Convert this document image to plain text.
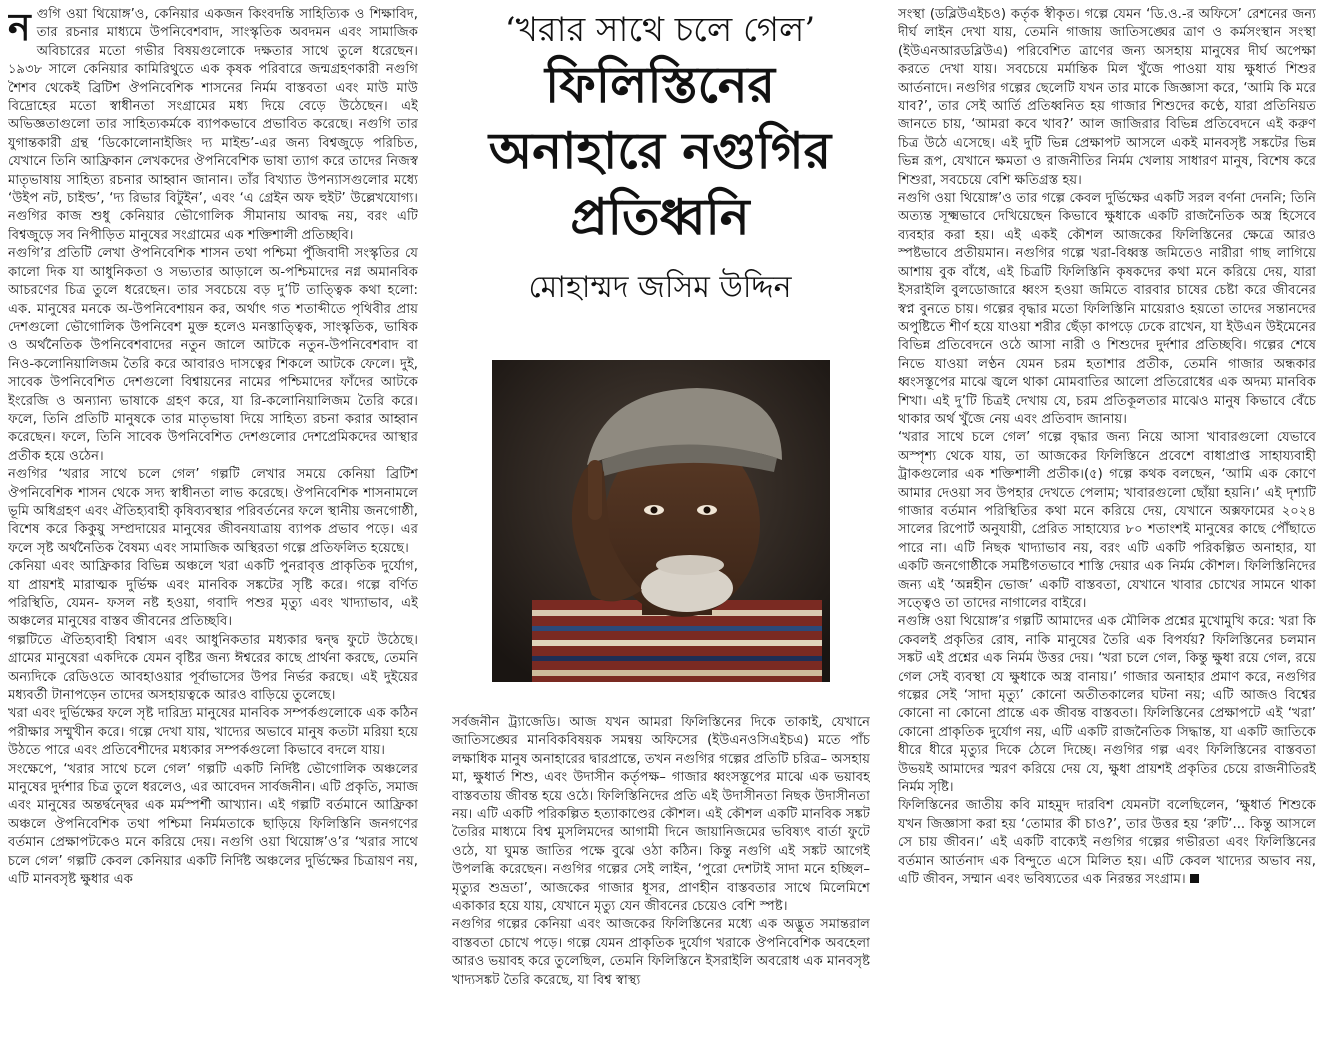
নগুগি ওয়া থিয়োঙ্গ’ও, কেনিয়ার একজন কিংবদন্তি সাহিত্যিক ও শিক্ষাবিদ, তার রচনার মাধ্যমে উপনিবেশবাদ, সাংস্কৃতিক অবদমন এবং সামাজিক অবিচারের মতো গভীর বিষয়গুলোকে দক্ষতার সাথে তুলে ধরেছেন। ১৯৩৮ সালে কেনিয়ার কামিরিথুতে এক কৃষক পরিবারে জন্মগ্রহণকারী নগুগি শৈশব থেকেই ব্রিটিশ ঔপনিবেশিক শাসনের নির্মম বাস্তবতা এবং মাউ মাউ বিদ্রোহের মতো স্বাধীনতা সংগ্রামের মধ্য দিয়ে বেড়ে উঠেছেন। এই অভিজ্ঞতাগুলো তার সাহিত্যকর্মকে ব্যাপকভাবে প্রভাবিত করেছে। নগুগি তার যুগান্তকারী গ্রন্থ ‘ডিকোলোনাইজিং দ্য মাইন্ড’-এর জন্য বিশ্বজুড়ে পরিচিত, যেখানে তিনি আফ্রিকান লেখকদের ঔপনিবেশিক ভাষা ত্যাগ করে তাদের নিজস্ব মাতৃভাষায় সাহিত্য রচনার আহ্বান জানান। তাঁর বিখ্যাত উপন্যাসগুলোর মধ্যে ‘উইপ নট, চাইল্ড’, ‘দ্য রিভার বিটুইন’, এবং ‘এ গ্রেইন অফ হুইট’ উল্লেখযোগ্য। নগুগির কাজ শুধু কেনিয়ার ভৌগোলিক সীমানায় আবদ্ধ নয়, বরং এটি বিশ্বজুড়ে সব নিপীড়িত মানুষের সংগ্রামের এক শক্তিশালী প্রতিচ্ছবি।

নগুগি’র প্রতিটি লেখা ঔপনিবেশিক শাসন তথা পশ্চিমা পুঁজিবাদী সংস্কৃতির যে কালো দিক যা আধুনিকতা ও সভ্যতার আড়ালে অ-পশ্চিমাদের নগ্ন অমানবিক আচরণের চিত্র তুলে ধরেছেন। তার সবচেয়ে বড় দু’টি তাত্ত্বিক কথা হলো: এক. মানুষের মনকে অ-উপনিবেশায়ন কর, অর্থাৎ গত শতাব্দীতে পৃথিবীর প্রায় দেশগুলো ভৌগোলিক উপনিবেশ মুক্ত হলেও মনস্তাত্ত্বিক, সাংস্কৃতিক, ভাষিক ও অর্থনৈতিক উপনিবেশবাদের নতুন জালে আটকে নতুন-উপনিবেশবাদ বা নিও-কলোনিয়ালিজম তৈরি করে আবারও দাসত্বের শিকলে আটকে ফেলে। দুই, সাবেক উপনিবেশিত দেশগুলো বিশ্বায়নের নামের পশ্চিমাদের ফাঁদের আটকে ইংরেজি ও অন্যান্য ভাষাকে গ্রহণ করে, যা রি-কলোনিয়ালিজম তৈরি করে। ফলে, তিনি প্রতিটি মানুষকে তার মাতৃভাষা দিয়ে সাহিত্য রচনা করার আহ্বান করেছেন। ফলে, তিনি সাবেক উপনিবেশিত দেশগুলোর দেশপ্রেমিকদের আস্থার প্রতীক হয়ে ওঠেন।

নগুগির ‘খরার সাথে চলে গেল’ গল্পটি লেখার সময়ে কেনিয়া ব্রিটিশ ঔপনিবেশিক শাসন থেকে সদ্য স্বাধীনতা লাভ করেছে। ঔপনিবেশিক শাসনামলে ভূমি অধিগ্রহণ এবং ঐতিহ্যবাহী কৃষিব্যবস্থার পরিবর্তনের ফলে স্থানীয় জনগোষ্ঠী, বিশেষ করে কিকুয়ু সম্প্রদায়ের মানুষের জীবনযাত্রায় ব্যাপক প্রভাব পড়ে। এর ফলে সৃষ্ট অর্থনৈতিক বৈষম্য এবং সামাজিক অস্থিরতা গল্পে প্রতিফলিত হয়েছে।

কেনিয়া এবং আফ্রিকার বিভিন্ন অঞ্চলে খরা একটি পুনরাবৃত্ত প্রাকৃতিক দুর্যোগ, যা প্রায়শই মারাত্মক দুর্ভিক্ষ এবং মানবিক সঙ্কটের সৃষ্টি করে। গল্পে বর্ণিত পরিস্থিতি, যেমন- ফসল নষ্ট হওয়া, গবাদি পশুর মৃত্যু এবং খাদ্যাভাব, এই অঞ্চলের মানুষের বাস্তব জীবনের প্রতিচ্ছবি।

গল্পটিতে ঐতিহ্যবাহী বিশ্বাস এবং আধুনিকতার মধ্যকার দ্বন্দ্ব ফুটে উঠেছে। গ্রামের মানুষেরা একদিকে যেমন বৃষ্টির জন্য ঈশ্বরের কাছে প্রার্থনা করছে, তেমনি অন্যদিকে রেডিওতে আবহাওয়ার পূর্বাভাসের উপর নির্ভর করছে। এই দুইয়ের মধ্যবর্তী টানাপড়েন তাদের অসহায়ত্বকে আরও বাড়িয়ে তুলেছে।

খরা এবং দুর্ভিক্ষের ফলে সৃষ্ট দারিদ্র্য মানুষের মানবিক সম্পর্কগুলোকে এক কঠিন পরীক্ষার সম্মুখীন করে। গল্পে দেখা যায়, খাদ্যের অভাবে মানুষ কতটা মরিয়া হয়ে উঠতে পারে এবং প্রতিবেশীদের মধ্যকার সম্পর্কগুলো কিভাবে বদলে যায়।

সংক্ষেপে, ‘খরার সাথে চলে গেল’ গল্পটি একটি নির্দিষ্ট ভৌগোলিক অঞ্চলের মানুষের দুর্দশার চিত্র তুলে ধরলেও, এর আবেদন সার্বজনীন। এটি প্রকৃতি, সমাজ এবং মানুষের অন্তর্দ্বন্দ্বের এক মর্মস্পর্শী আখ্যান। এই গল্পটি বর্তমানে আফ্রিকা অঞ্চলে ঔপনিবেশিক তথা পশ্চিমা নির্মমতাকে ছাড়িয়ে ফিলিস্তিনি জনগণের বর্তমান প্রেক্ষাপটকেও মনে করিয়ে দেয়। নগুগি ওয়া থিয়োঙ্গ’ও’র ‘খরার সাথে চলে গেল’ গল্পটি কেবল কেনিয়ার একটি নির্দিষ্ট অঞ্চলের দুর্ভিক্ষের চিত্রায়ণ নয়, এটি মানবসৃষ্ট ক্ষুধার এক

‘খরার সাথে চলে গেল’
ফিলিস্তিনের
অনাহারে নগুগির
প্রতিধ্বনি
মোহাম্মদ জসিম উদ্দিন

সর্বজনীন ট্র্যাজেডি। আজ যখন আমরা ফিলিস্তিনের দিকে তাকাই, যেখানে জাতিসঙ্ঘের মানবিকবিষয়ক সমন্বয় অফিসের (ইউএনওসিএইচএ) মতে পাঁচ লক্ষাধিক মানুষ অনাহারের দ্বারপ্রান্তে, তখন নগুগির গল্পের প্রতিটি চরিত্র– অসহায় মা, ক্ষুধার্ত শিশু, এবং উদাসীন কর্তৃপক্ষ– গাজার ধ্বংসস্তূপের মাঝে এক ভয়াবহ বাস্তবতায় জীবন্ত হয়ে ওঠে। ফিলিস্তিনিদের প্রতি এই উদাসীনতা নিছক উদাসীনতা নয়। এটি একটি পরিকল্পিত হত্যাকাণ্ডের কৌশল। এই কৌশল একটি মানবিক সঙ্কট তৈরির মাধ্যমে বিশ্ব মুসলিমদের আগামী দিনে জায়ানিজমের ভবিষ্যৎ বার্তা ফুটে ওঠে, যা ঘুমন্ত জাতির পক্ষে বুঝে ওঠা কঠিন। কিন্তু নগুগি এই সঙ্কট আগেই উপলব্ধি করেছেন। নগুগির গল্পের সেই লাইন, ‘পুরো দেশটাই সাদা মনে হচ্ছিল– মৃত্যুর শুভ্রতা’, আজকের গাজার ধূসর, প্রাণহীন বাস্তবতার সাথে মিলেমিশে একাকার হয়ে যায়, যেখানে মৃত্যু যেন জীবনের চেয়েও বেশি স্পষ্ট।

নগুগির গল্পের কেনিয়া এবং আজকের ফিলিস্তিনের মধ্যে এক অদ্ভুত সমান্তরাল বাস্তবতা চোখে পড়ে। গল্পে যেমন প্রাকৃতিক দুর্যোগ খরাকে ঔপনিবেশিক অবহেলা আরও ভয়াবহ করে তুলেছিল, তেমনি ফিলিস্তিনে ইসরাইলি অবরোধ এক মানবসৃষ্ট খাদ্যসঙ্কট তৈরি করেছে, যা বিশ্ব স্বাস্থ্য

সংস্থা (ডব্লিউএইচও) কর্তৃক স্বীকৃত। গল্পে যেমন ‘ডি.ও.-র অফিসে’ রেশনের জন্য দীর্ঘ লাইন দেখা যায়, তেমনি গাজায় জাতিসঙ্ঘের ত্রাণ ও কর্মসংস্থান সংস্থা (ইউএনআরডব্লিউএ) পরিবেশিত ত্রাণের জন্য অসহায় মানুষের দীর্ঘ অপেক্ষা করতে দেখা যায়। সবচেয়ে মর্মান্তিক মিল খুঁজে পাওয়া যায় ক্ষুধার্ত শিশুর আর্তনাদে। নগুগির গল্পের ছেলেটি যখন তার মাকে জিজ্ঞাসা করে, ‘আমি কি মরে যাব?’, তার সেই আর্তি প্রতিধ্বনিত হয় গাজার শিশুদের কণ্ঠে, যারা প্রতিনিয়ত জানতে চায়, ‘আমরা কবে খাব?’ আল জাজিরার বিভিন্ন প্রতিবেদনে এই করুণ চিত্র উঠে এসেছে। এই দুটি ভিন্ন প্রেক্ষাপট আসলে একই মানবসৃষ্ট সঙ্কটের ভিন্ন ভিন্ন রূপ, যেখানে ক্ষমতা ও রাজনীতির নির্মম খেলায় সাধারণ মানুষ, বিশেষ করে শিশুরা, সবচেয়ে বেশি ক্ষতিগ্রস্ত হয়।

নগুগি ওয়া থিয়োঙ্গ’ও তার গল্পে কেবল দুর্ভিক্ষের একটি সরল বর্ণনা দেননি; তিনি অত্যন্ত সূক্ষ্মভাবে দেখিয়েছেন কিভাবে ক্ষুধাকে একটি রাজনৈতিক অস্ত্র হিসেবে ব্যবহার করা হয়। এই একই কৌশল আজকের ফিলিস্তিনের ক্ষেত্রে আরও স্পষ্টভাবে প্রতীয়মান। নগুগির গল্পে খরা-বিধ্বস্ত জমিতেও নারীরা গাছ লাগিয়ে আশায় বুক বাঁধে, এই চিত্রটি ফিলিস্তিনি কৃষকদের কথা মনে করিয়ে দেয়, যারা ইসরাইলি বুলডোজারে ধ্বংস হওয়া জমিতে বারবার চাষের চেষ্টা করে জীবনের স্বপ্ন বুনতে চায়। গল্পের বৃদ্ধার মতো ফিলিস্তিনি মায়েরাও হয়তো তাদের সন্তানদের অপুষ্টিতে শীর্ণ হয়ে যাওয়া শরীর ছেঁড়া কাপড়ে ঢেকে রাখেন, যা ইউএন উইমেনের বিভিন্ন প্রতিবেদনে ওঠে আসা নারী ও শিশুদের দুর্দশার প্রতিচ্ছবি। গল্পের শেষে নিভে যাওয়া লণ্ঠন যেমন চরম হতাশার প্রতীক, তেমনি গাজার অন্ধকার ধ্বংসস্তূপের মাঝে জ্বলে থাকা মোমবাতির আলো প্রতিরোধের এক অদম্য মানবিক শিখা। এই দু’টি চিত্রই দেখায় যে, চরম প্রতিকূলতার মাঝেও মানুষ কিভাবে বেঁচে থাকার অর্থ খুঁজে নেয় এবং প্রতিবাদ জানায়।

‘খরার সাথে চলে গেল’ গল্পে বৃদ্ধার জন্য নিয়ে আসা খাবারগুলো যেভাবে অস্পৃশ্য থেকে যায়, তা আজকের ফিলিস্তিনে প্রবেশে বাধাপ্রাপ্ত সাহায্যবাহী ট্রাকগুলোর এক শক্তিশালী প্রতীক।(৫) গল্পে কথক বলছেন, ‘আমি এক কোণে আমার দেওয়া সব উপহার দেখতে পেলাম; খাবারগুলো ছোঁয়া হয়নি।’ এই দৃশ্যটি গাজার বর্তমান পরিস্থিতির কথা মনে করিয়ে দেয়, যেখানে অক্সফামের ২০২৪ সালের রিপোর্ট অনুযায়ী, প্রেরিত সাহায্যের ৮০ শতাংশই মানুষের কাছে পৌঁছাতে পারে না। এটি নিছক খাদ্যাভাব নয়, বরং এটি একটি পরিকল্পিত অনাহার, যা একটি জনগোষ্ঠীকে সমষ্টিগতভাবে শাস্তি দেয়ার এক নির্মম কৌশল। ফিলিস্তিনিদের জন্য এই ‘অন্নহীন ভোজ’ একটি বাস্তবতা, যেখানে খাবার চোখের সামনে থাকা সত্ত্বেও তা তাদের নাগালের বাইরে।

নগুঙ্গি ওয়া থিয়োঙ্গ’র গল্পটি আমাদের এক মৌলিক প্রশ্নের মুখোমুখি করে: খরা কি কেবলই প্রকৃতির রোষ, নাকি মানুষের তৈরি এক বিপর্যয়? ফিলিস্তিনের চলমান সঙ্কট এই প্রশ্নের এক নির্মম উত্তর দেয়। ‘খরা চলে গেল, কিন্তু ক্ষুধা রয়ে গেল, রয়ে গেল সেই ব্যবস্থা যে ক্ষুধাকে অস্ত্র বানায়।’ গাজার অনাহার প্রমাণ করে, নগুগির গল্পের সেই ‘সাদা মৃত্যু’ কোনো অতীতকালের ঘটনা নয়; এটি আজও বিশ্বের কোনো না কোনো প্রান্তে এক জীবন্ত বাস্তবতা। ফিলিস্তিনের প্রেক্ষাপটে এই ‘খরা’ কোনো প্রাকৃতিক দুর্যোগ নয়, এটি একটি রাজনৈতিক সিদ্ধান্ত, যা একটি জাতিকে ধীরে ধীরে মৃত্যুর দিকে ঠেলে দিচ্ছে। নগুগির গল্প এবং ফিলিস্তিনের বাস্তবতা উভয়ই আমাদের স্মরণ করিয়ে দেয় যে, ক্ষুধা প্রায়শই প্রকৃতির চেয়ে রাজনীতিরই নির্মম সৃষ্টি।

ফিলিস্তিনের জাতীয় কবি মাহমুদ দারবিশ যেমনটা বলেছিলেন, ‘ক্ষুধার্ত শিশুকে যখন জিজ্ঞাসা করা হয় ‘তোমার কী চাও?’, তার উত্তর হয় ‘রুটি’... কিন্তু আসলে সে চায় জীবন।’ এই একটি বাক্যেই নগুগির গল্পের গভীরতা এবং ফিলিস্তিনের বর্তমান আর্তনাদ এক বিন্দুতে এসে মিলিত হয়। এটি কেবল খাদ্যের অভাব নয়, এটি জীবন, সম্মান এবং ভবিষ্যতের এক নিরন্তর সংগ্রাম।
